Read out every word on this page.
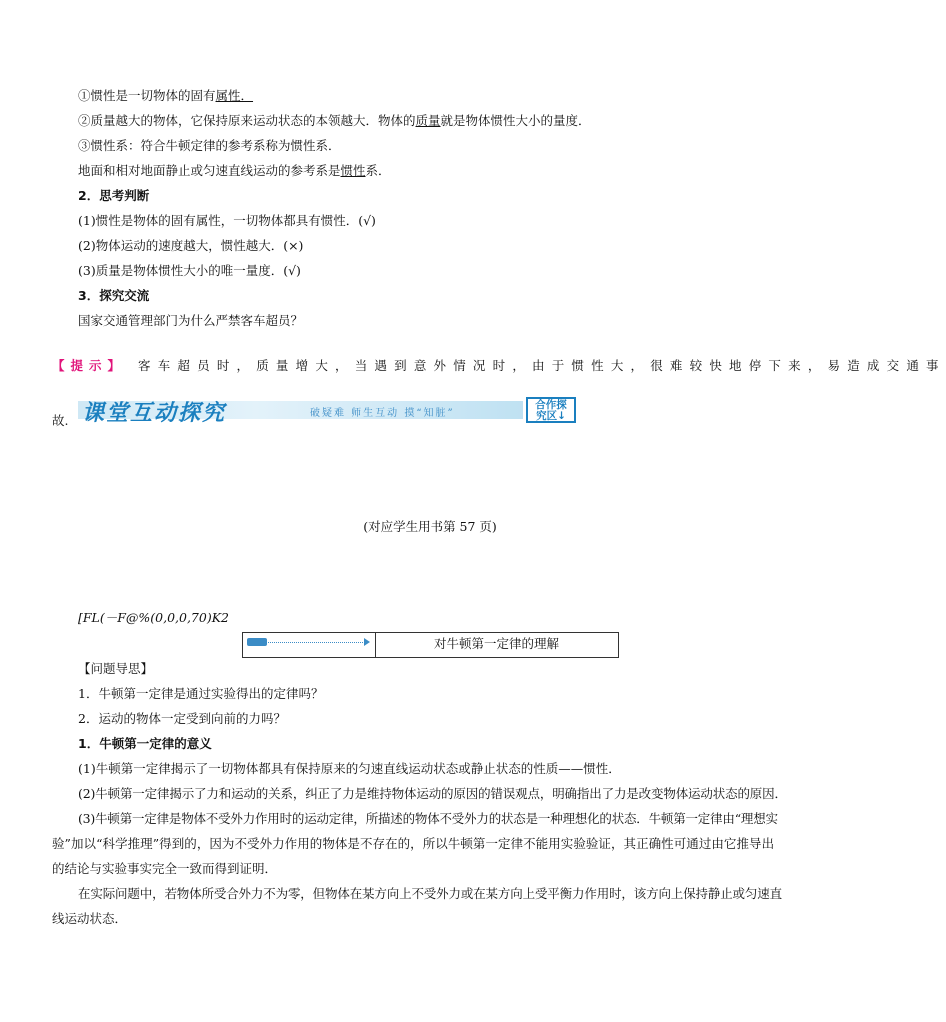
①惯性是一切物体的固有属性．
②质量越大的物体，它保持原来运动状态的本领越大．物体的质量就是物体惯性大小的量度．
③惯性系：符合牛顿定律的参考系称为惯性系．
地面和相对地面静止或匀速直线运动的参考系是惯性系．
2．思考判断
(1)惯性是物体的固有属性，一切物体都具有惯性．(√)
(2)物体运动的速度越大，惯性越大．(×)
(3)质量是物体惯性大小的唯一量度．(√)
3．探究交流
国家交通管理部门为什么严禁客车超员？
【提示】 客车超员时，质量增大，当遇到意外情况时，由于惯性大，很难较快地停下来，易造成交通事
故. 课堂互动探究	破疑难 师生互动 摸“知脏”
合作探
究区↓
(对应学生用书第 57 页)
[FL(－F@%(0,0,0,70)K2
对牛顿第一定律的理解
【问题导思】
1．牛顿第一定律是通过实验得出的定律吗？
2．运动的物体一定受到向前的力吗？
1．牛顿第一定律的意义
(1)牛顿第一定律揭示了一切物体都具有保持原来的匀速直线运动状态或静止状态的性质——惯性．
(2)牛顿第一定律揭示了力和运动的关系，纠正了力是维持物体运动的原因的错误观点，明确指出了力是改变物体运动状态的原因．
(3)牛顿第一定律是物体不受外力作用时的运动定律，所描述的物体不受外力的状态是一种理想化的状态．牛顿第一定律由“理想实
验”加以“科学推理”得到的，因为不受外力作用的物体是不存在的，所以牛顿第一定律不能用实验验证，其正确性可通过由它推导出
的结论与实验事实完全一致而得到证明．
在实际问题中，若物体所受合外力不为零，但物体在某方向上不受外力或在某方向上受平衡力作用时，该方向上保持静止或匀速直
线运动状态．
